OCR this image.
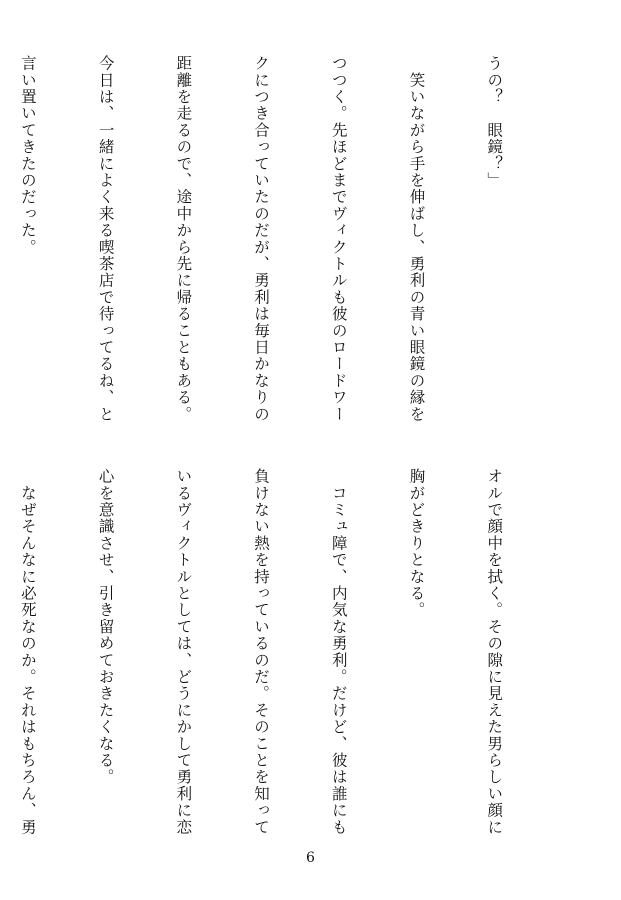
うの？　眼鏡？」

　笑いながら手を伸ばし、勇利の青い眼鏡の縁を

つつく。先ほどまでヴィクトルも彼のロードワー

クにつき合っていたのだが、勇利は毎日かなりの

距離を走るので、途中から先に帰ることもある。

今日は、一緒によく来る喫茶店で待ってるね、と

言い置いてきたのだった。

オルで顔中を拭く。その隙に見えた男らしい顔に

胸がどきりとなる。

　コミュ障で、内気な勇利。だけど、彼は誰にも

負けない熱を持っているのだ。そのことを知って

いるヴィクトルとしては、どうにかして勇利に恋

心を意識させ、引き留めておきたくなる。

　なぜそんなに必死なのか。それはもちろん、勇

6
